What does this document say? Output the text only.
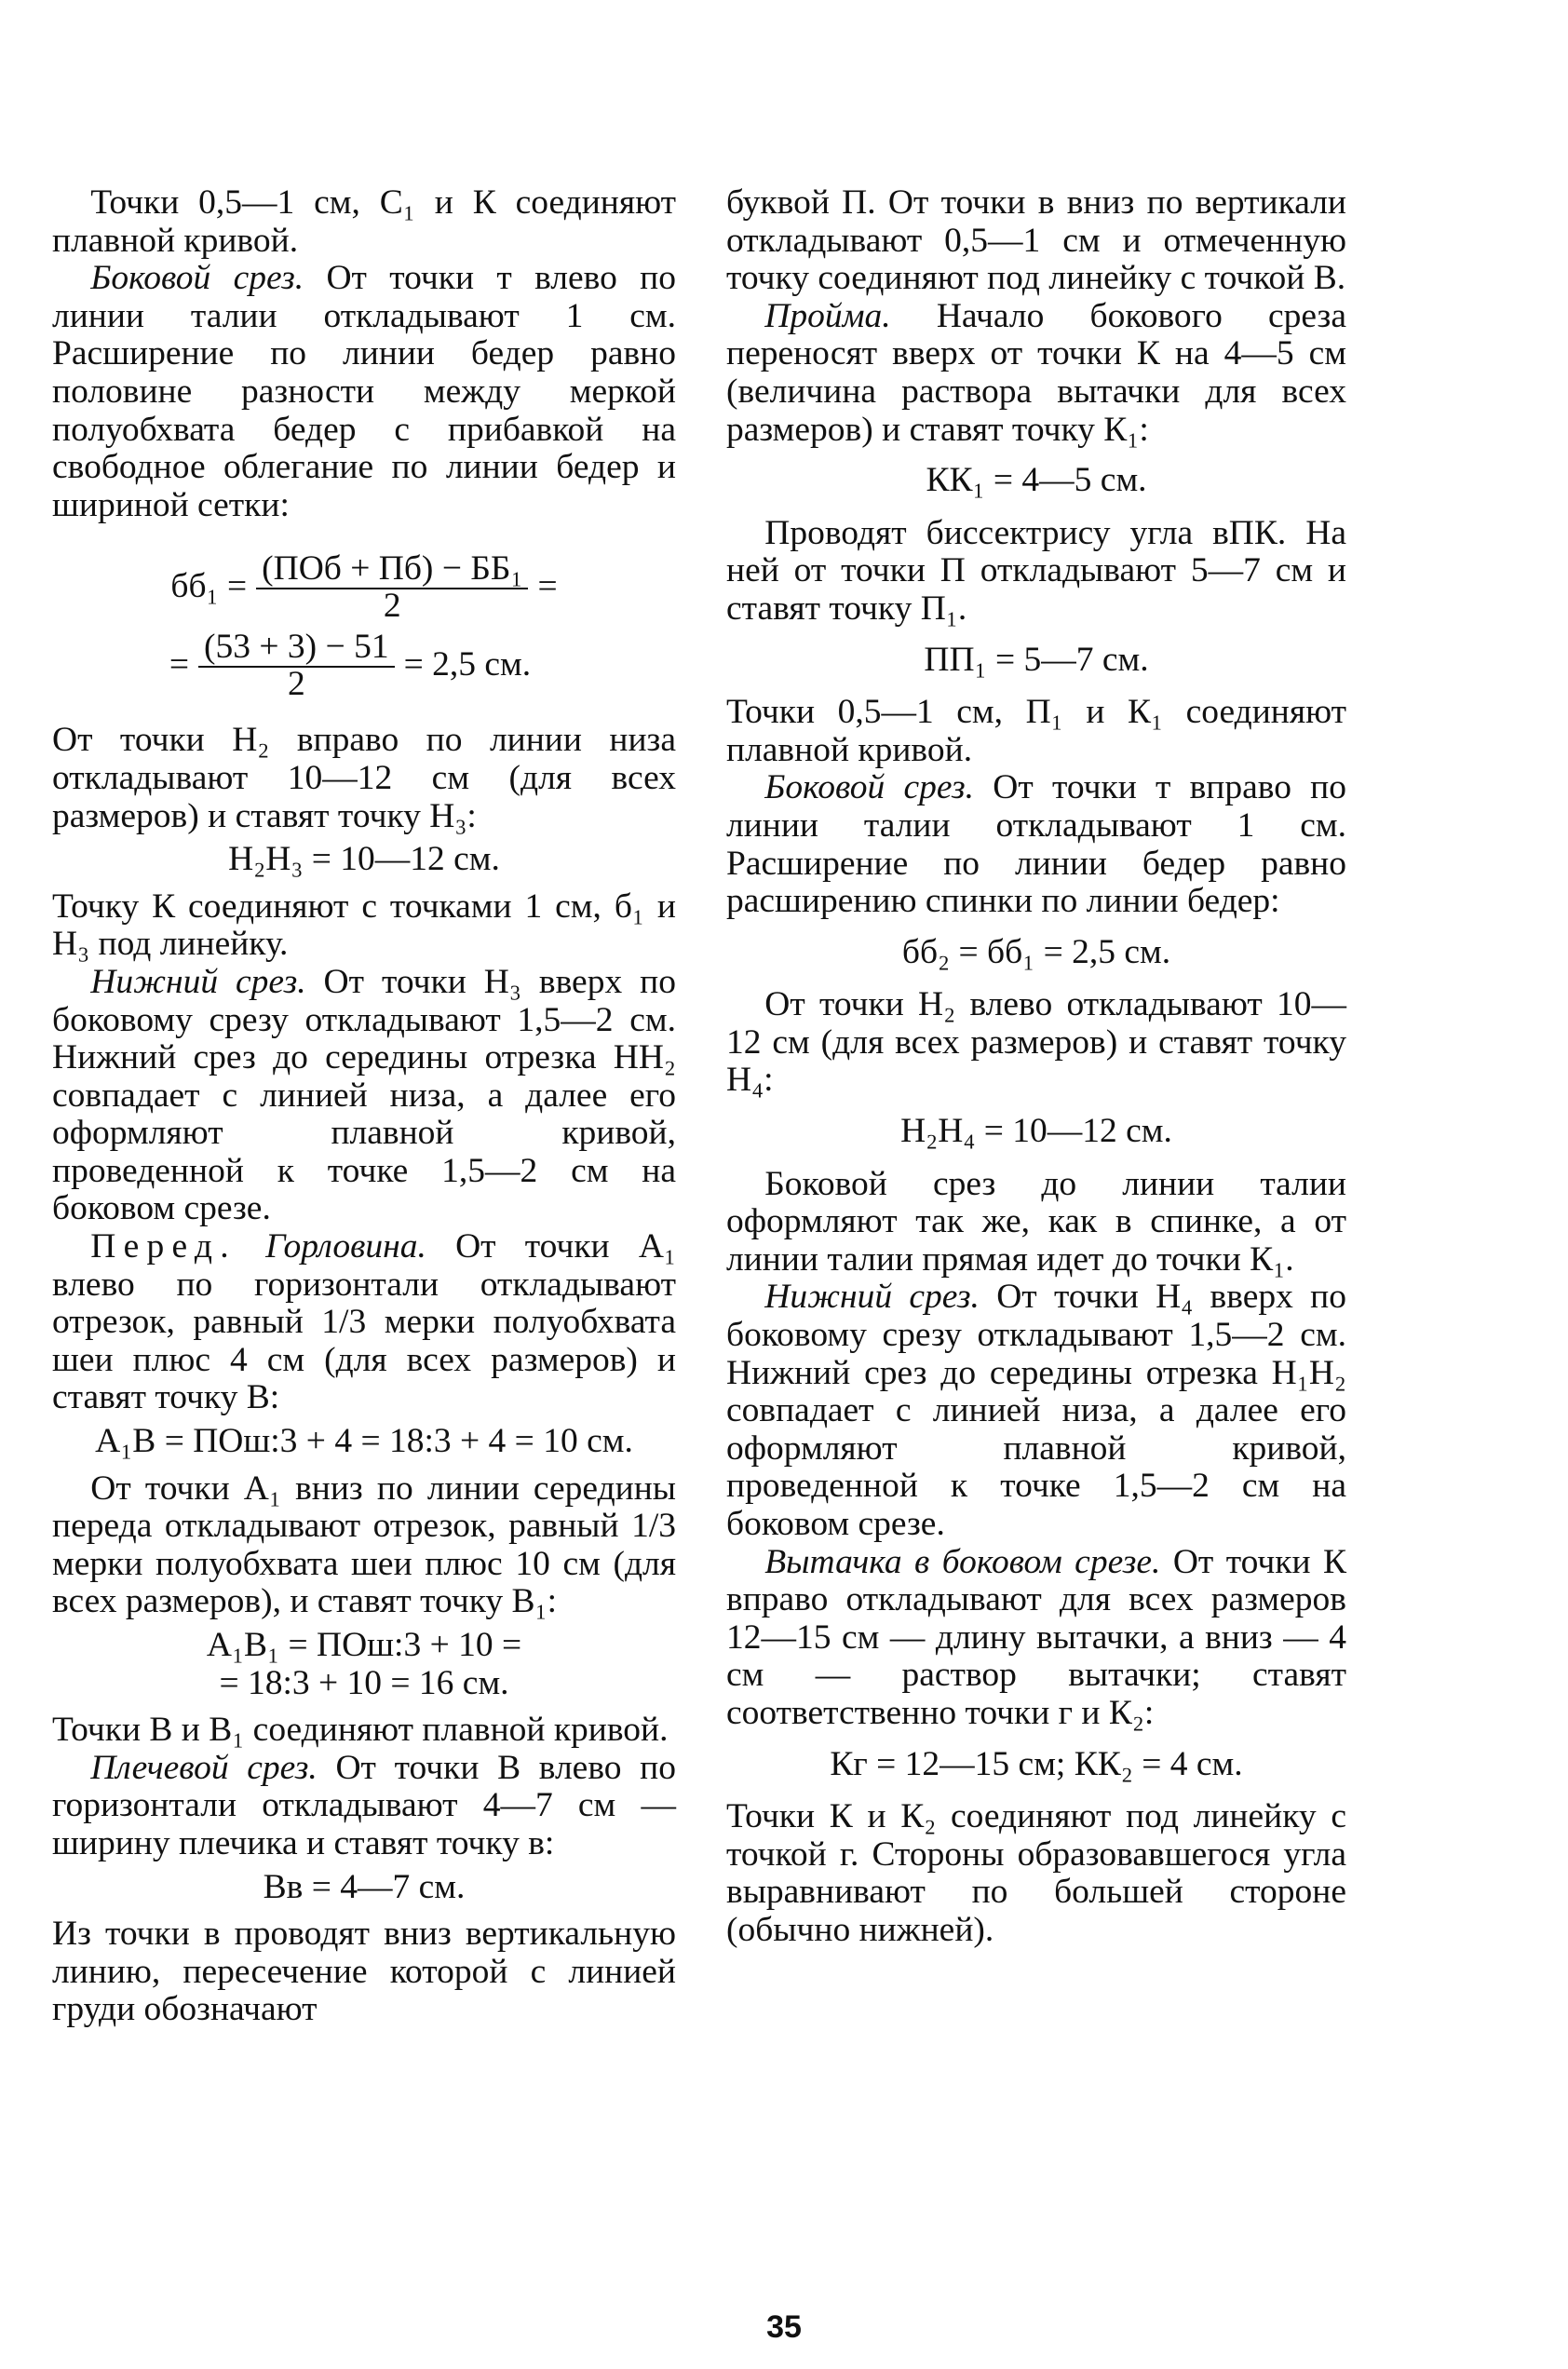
Точки 0,5—1 см, С₁ и К соединяют плавной кривой.

Боковой срез. От точки т влево по линии талии откладывают 1 см. Расширение по линии бедер равно половине разности между меркой полуобхвата бедер с прибавкой на свободное облегание по линии бедер и шириной сетки:

$бб_1 = \frac{\text{(ПОб + Пб) − ББ₁}}{2}$ =
= $\frac{(53 + 3) - 51}{2} = 2,5$ см.

От точки Н₂ вправо по линии низа откладывают 10—12 см (для всех размеров) и ставят точку Н₃:

Н₂Н₃ = 10—12 см.

Точку К соединяют с точками 1 см, б₁ и Н₃ под линейку.

Нижний срез. От точки Н₃ вверх по боковому срезу откладывают 1,5—2 см. Нижний срез до середины отрезка НН₂ совпадает с линией низа, а далее его оформляют плавной кривой, проведенной к точке 1,5—2 см на боковом срезе.

Перед. Горловина. От точки А₁ влево по горизонтали откладывают отрезок, равный 1/3 мерки полуобхвата шеи плюс 4 см (для всех размеров) и ставят точку В:

А₁В = ПОш:3 + 4 = 18:3 + 4 = 10 см.

От точки А₁ вниз по линии середины переда откладывают отрезок, равный 1/3 мерки полуобхвата шеи плюс 10 см (для всех размеров), и ставят точку В₁:

А₁В₁ = ПОш:3 + 10 =

= 18:3 + 10 = 16 см.

Точки В и В₁ соединяют плавной кривой.

Плечевой срез. От точки В влево по горизонтали откладывают 4—7 см — ширину плечика и ставят точку в:

Вв = 4—7 см.

Из точки в проводят вниз вертикальную линию, пересечение которой с линией груди обозначают

буквой П. От точки в вниз по вертикали откладывают 0,5—1 см и отмеченную точку соединяют под линейку с точкой В.

Пройма. Начало бокового среза переносят вверх от точки К на 4—5 см (величина раствора вытачки для всех размеров) и ставят точку К₁:

КК₁ = 4—5 см.

Проводят биссектрису угла вПК. На ней от точки П откладывают 5—7 см и ставят точку П₁.

ПП₁ = 5—7 см.

Точки 0,5—1 см, П₁ и К₁ соединяют плавной кривой.

Боковой срез. От точки т вправо по линии талии откладывают 1 см. Расширение по линии бедер равно расширению спинки по линии бедер:

бб₂ = бб₁ = 2,5 см.

От точки Н₂ влево откладывают 10—12 см (для всех размеров) и ставят точку Н₄:

Н₂Н₄ = 10—12 см.

Боковой срез до линии талии оформляют так же, как в спинке, а от линии талии прямая идет до точки К₁.

Нижний срез. От точки Н₄ вверх по боковому срезу откладывают 1,5—2 см. Нижний срез до середины отрезка Н₁Н₂ совпадает с линией низа, а далее его оформляют плавной кривой, проведенной к точке 1,5—2 см на боковом срезе.

Вытачка в боковом срезе. От точки К вправо откладывают для всех размеров 12—15 см — длину вытачки, а вниз — 4 см — раствор вытачки; ставят соответственно точки г и К₂:

Кг = 12—15 см; КК₂ = 4 см.

Точки К и К₂ соединяют под линейку с точкой г. Стороны образовавшегося угла выравнивают по большей стороне (обычно нижней).

35
